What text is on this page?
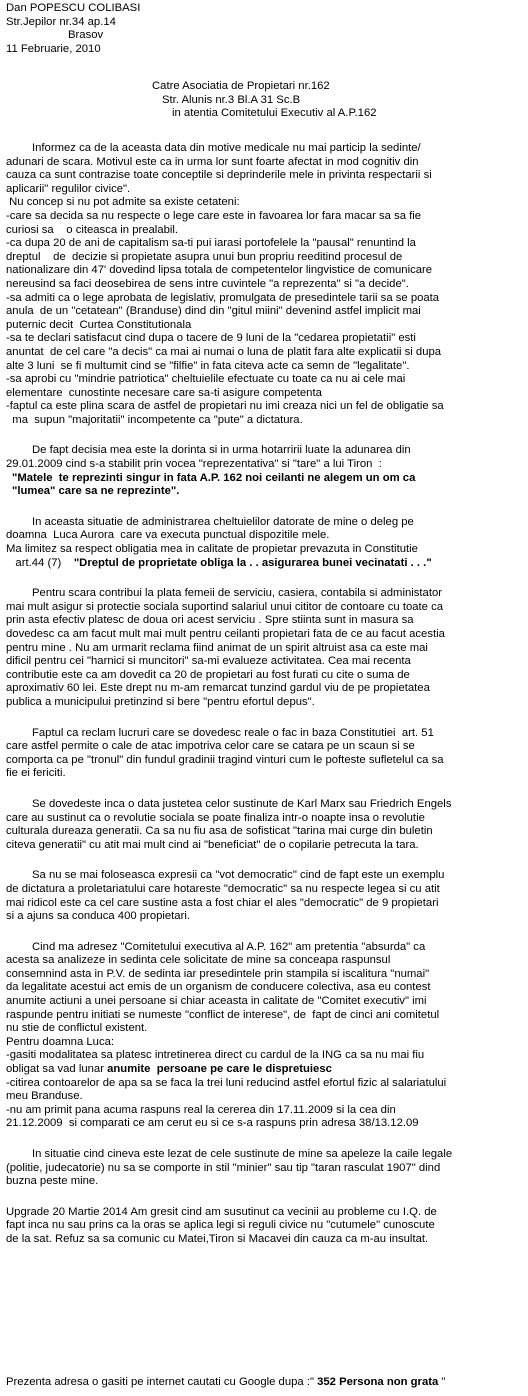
Dan POPESCU COLIBASI
Str.Jepilor nr.34 ap.14
Brasov
11 Februarie, 2010
Catre Asociatia de Propietari nr.162
Str. Alunis nr.3 Bl.A 31 Sc.B
in atentia Comitetului Executiv al A.P.162
Informez ca de la aceasta data din motive medicale nu mai particip la sedinte/
adunari de scara. Motivul este ca in urma lor sunt foarte afectat in mod cognitiv din
cauza ca sunt contrazise toate conceptile si deprinderile mele in privinta respectarii si
aplicarii" regulilor civice".
Nu concep si nu pot admite sa existe cetateni:
-care sa decida sa nu respecte o lege care este in favoarea lor fara macar sa sa fie
curiosi sa    o citeasca in prealabil.
-ca dupa 20 de ani de capitalism sa-ti pui iarasi portofelele la "pausal" renuntind la
dreptul    de  decizie si propietate asupra unui bun propriu reeditind procesul de
nationalizare din 47' dovedind lipsa totala de competentelor lingvistice de comunicare
nereusind sa faci deosebirea de sens intre cuvintele "a reprezenta" si "a decide".
-sa admiti ca o lege aprobata de legislativ, promulgata de presedintele tarii sa se poata
anula  de un "cetatean" (Branduse) dind din "gitul miini" devenind astfel implicit mai
puternic decit  Curtea Constitutionala
-sa te declari satisfacut cind dupa o tacere de 9 luni de la "cedarea propietatii" esti
anuntat  de cel care "a decis" ca mai ai numai o luna de platit fara alte explicatii si dupa
alte 3 luni  se fi multumit cind se "filfie" in fata citeva acte ca semn de "legalitate".
-sa aprobi cu "mindrie patriotica" cheltuielile efectuate cu toate ca nu ai cele mai
elementare  cunostinte necesare care sa-ti asigure competenta
-faptul ca este plina scara de astfel de propietari nu imi creaza nici un fel de obligatie sa
ma  supun "majoritatii" incompetente ca "pute" a dictatura.
De fapt decisia mea este la dorinta si in urma hotarririi luate la adunarea din
29.01.2009 cind s-a stabilit prin vocea "reprezentativa" si "tare" a lui Tiron  :
"Matele  te reprezinti singur in fata A.P. 162 noi ceilanti ne alegem un om ca
"lumea" care sa ne reprezinte".
In aceasta situatie de administrarea cheltuielilor datorate de mine o deleg pe
doamna  Luca Aurora  care va executa punctual dispozitile mele.
Ma limitez sa respect obligatia mea in calitate de propietar prevazuta in Constitutie
art.44 (7)    "Dreptul de proprietate obliga la . . asigurarea bunei vecinatati . . ."
Pentru scara contribui la plata femeii de serviciu, casiera, contabila si administator
mai mult asigur si protectie sociala suportind salariul unui cititor de contoare cu toate ca
prin asta efectiv platesc de doua ori acest serviciu . Spre stiinta sunt in masura sa
dovedesc ca am facut mult mai mult pentru ceilanti propietari fata de ce au facut acestia
pentru mine . Nu am urmarit reclama fiind animat de un spirit altruist asa ca este mai
dificil pentru cei "harnici si muncitori" sa-mi evalueze activitatea. Cea mai recenta
contributie este ca am dovedit ca 20 de propietari au fost furati cu cite o suma de
aproximativ 60 lei. Este drept nu m-am remarcat tunzind gardul viu de pe propietatea
publica a municipului pretinzind si bere "pentru efortul depus".
Faptul ca reclam lucruri care se dovedesc reale o fac in baza Constitutiei  art. 51
care astfel permite o cale de atac impotriva celor care se catara pe un scaun si se
comporta ca pe "tronul" din fundul gradinii tragind vinturi cum le pofteste sufletelul ca sa
fie ei fericiti.
Se dovedeste inca o data justetea celor sustinute de Karl Marx sau Friedrich Engels
care au sustinut ca o revolutie sociala se poate finaliza intr-o noapte insa o revolutie
culturala dureaza generatii. Ca sa nu fiu asa de sofisticat "tarina mai curge din buletin
citeva generatii" cu atit mai mult cind ai "beneficiat" de o copilarie petrecuta la tara.
Sa nu se mai foloseasca expresii ca "vot democratic" cind de fapt este un exemplu
de dictatura a proletariatului care hotareste "democratic" sa nu respecte legea si cu atit
mai ridicol este ca cel care sustine asta a fost chiar el ales "democratic" de 9 propietari
si a ajuns sa conduca 400 propietari.
Cind ma adresez "Comitetului executiva al A.P. 162" am pretentia "absurda" ca
acesta sa analizeze in sedinta cele solicitate de mine sa conceapa raspunsul
consemnind asta in P.V. de sedinta iar presedintele prin stampila si iscalitura "numai"
da legalitate acestui act emis de un organism de conducere colectiva, asa eu contest
anumite actiuni a unei persoane si chiar aceasta in calitate de "Comitet executiv" imi
raspunde pentru initiati se numeste "conflict de interese", de  fapt de cinci ani comitetul
nu stie de conflictul existent.
Pentru doamna Luca:
-gasiti modalitatea sa platesc intretinerea direct cu cardul de la ING ca sa nu mai fiu
obligat sa vad lunar anumite  persoane pe care le dispretuiesc
-citirea contoarelor de apa sa se faca la trei luni reducind astfel efortul fizic al salariatului
meu Branduse.
-nu am primit pana acuma raspuns real la cererea din 17.11.2009 si la cea din
21.12.2009  si comparati ce am cerut eu si ce s-a raspuns prin adresa 38/13.12.09
In situatie cind cineva este lezat de cele sustinute de mine sa apeleze la caile legale
(politie, judecatorie) nu sa se comporte in stil "minier" sau tip "taran rasculat 1907" dind
buzna peste mine.
Upgrade 20 Martie 2014 Am gresit cind am susutinut ca vecinii au probleme cu I.Q. de
fapt inca nu sau prins ca la oras se aplica legi si reguli civice nu "cutumele" cunoscute
de la sat. Refuz sa sa comunic cu Matei,Tiron si Macavei din cauza ca m-au insultat.
Prezenta adresa o gasiti pe internet cautati cu Google dupa :" 352 Persona non grata "
